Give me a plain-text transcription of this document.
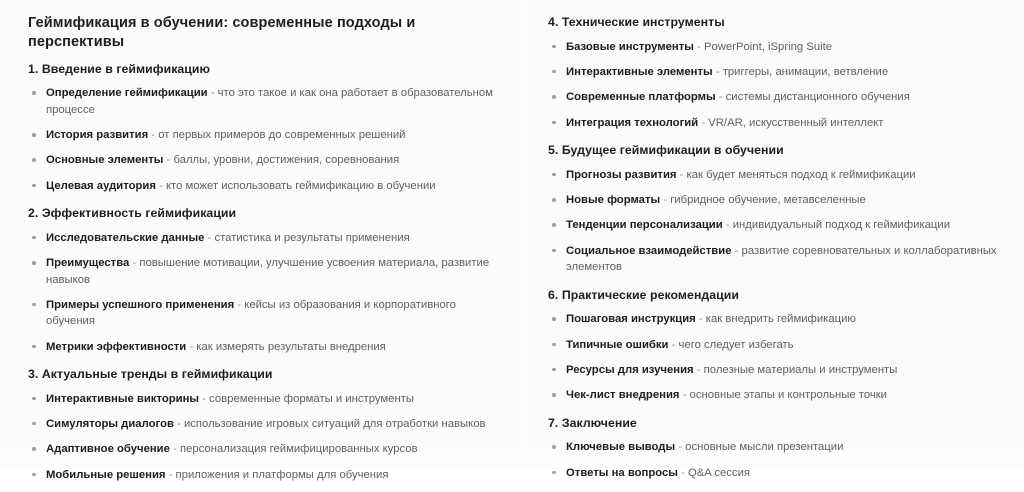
Геймификация в обучении: современные подходы и перспективы
1. Введение в геймификацию
Определение геймификации - что это такое и как она работает в образовательном процессе
История развития - от первых примеров до современных решений
Основные элементы - баллы, уровни, достижения, соревнования
Целевая аудитория - кто может использовать геймификацию в обучении
2. Эффективность геймификации
Исследовательские данные - статистика и результаты применения
Преимущества - повышение мотивации, улучшение усвоения материала, развитие навыков
Примеры успешного применения - кейсы из образования и корпоративного обучения
Метрики эффективности - как измерять результаты внедрения
3. Актуальные тренды в геймификации
Интерактивные викторины - современные форматы и инструменты
Симуляторы диалогов - использование игровых ситуаций для отработки навыков
Адаптивное обучение - персонализация геймифицированных курсов
Мобильные решения - приложения и платформы для обучения
4. Технические инструменты
Базовые инструменты - PowerPoint, iSpring Suite
Интерактивные элементы - триггеры, анимации, ветвление
Современные платформы - системы дистанционного обучения
Интеграция технологий - VR/AR, искусственный интеллект
5. Будущее геймификации в обучении
Прогнозы развития - как будет меняться подход к геймификации
Новые форматы - гибридное обучение, метавселенные
Тенденции персонализации - индивидуальный подход к геймификации
Социальное взаимодействие - развитие соревновательных и коллаборативных элементов
6. Практические рекомендации
Пошаговая инструкция - как внедрить геймификацию
Типичные ошибки - чего следует избегать
Ресурсы для изучения - полезные материалы и инструменты
Чек-лист внедрения - основные этапы и контрольные точки
7. Заключение
Ключевые выводы - основные мысли презентации
Ответы на вопросы - Q&A сессия
